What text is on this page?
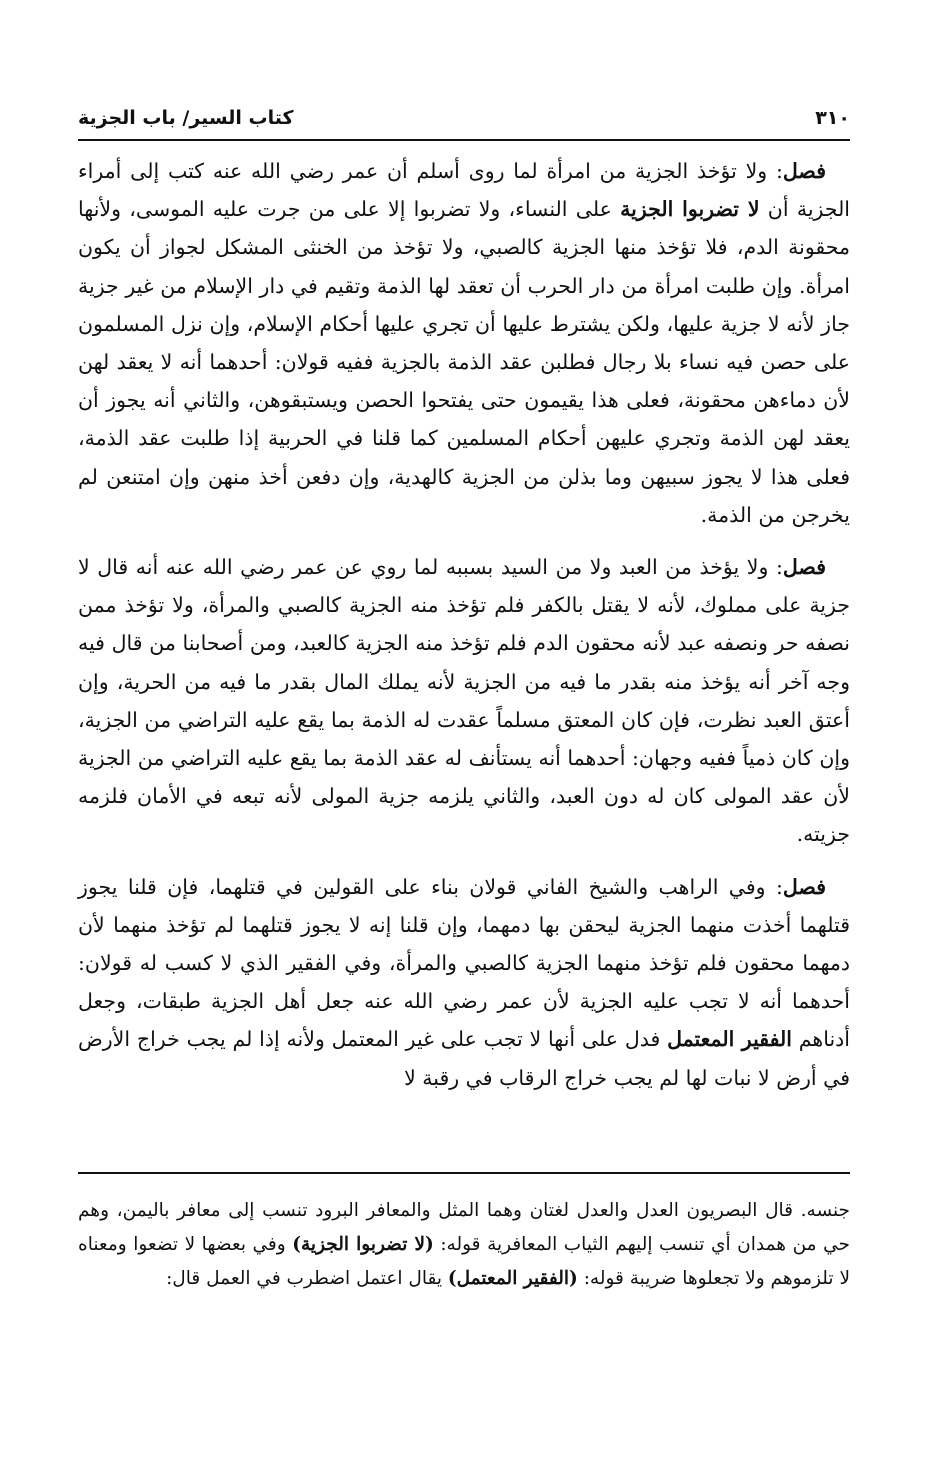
٣١٠
كتاب السير/ باب الجزية

فصل: ولا تؤخذ الجزية من امرأة لما روى أسلم أن عمر رضي الله عنه كتب إلى أمراء الجزية أن لا تضربوا الجزية على النساء، ولا تضربوا إلا على من جرت عليه الموسى، ولأنها محقونة الدم، فلا تؤخذ منها الجزية كالصبي، ولا تؤخذ من الخنثى المشكل لجواز أن يكون امرأة. وإن طلبت امرأة من دار الحرب أن تعقد لها الذمة وتقيم في دار الإسلام من غير جزية جاز لأنه لا جزية عليها، ولكن يشترط عليها أن تجري عليها أحكام الإسلام، وإن نزل المسلمون على حصن فيه نساء بلا رجال فطلبن عقد الذمة بالجزية ففيه قولان: أحدهما أنه لا يعقد لهن لأن دماءهن محقونة، فعلى هذا يقيمون حتى يفتحوا الحصن ويستبقوهن، والثاني أنه يجوز أن يعقد لهن الذمة وتجري عليهن أحكام المسلمين كما قلنا في الحربية إذا طلبت عقد الذمة، فعلى هذا لا يجوز سبيهن وما بذلن من الجزية كالهدية، وإن دفعن أخذ منهن وإن امتنعن لم يخرجن من الذمة.

فصل: ولا يؤخذ من العبد ولا من السيد بسببه لما روي عن عمر رضي الله عنه أنه قال لا جزية على مملوك، لأنه لا يقتل بالكفر فلم تؤخذ منه الجزية كالصبي والمرأة، ولا تؤخذ ممن نصفه حر ونصفه عبد لأنه محقون الدم فلم تؤخذ منه الجزية كالعبد، ومن أصحابنا من قال فيه وجه آخر أنه يؤخذ منه بقدر ما فيه من الجزية لأنه يملك المال بقدر ما فيه من الحرية، وإن أعتق العبد نظرت، فإن كان المعتق مسلماً عقدت له الذمة بما يقع عليه التراضي من الجزية، وإن كان ذمياً ففيه وجهان: أحدهما أنه يستأنف له عقد الذمة بما يقع عليه التراضي من الجزية لأن عقد المولى كان له دون العبد، والثاني يلزمه جزية المولى لأنه تبعه في الأمان فلزمه جزيته.

فصل: وفي الراهب والشيخ الفاني قولان بناء على القولين في قتلهما، فإن قلنا يجوز قتلهما أخذت منهما الجزية ليحقن بها دمهما، وإن قلنا إنه لا يجوز قتلهما لم تؤخذ منهما لأن دمهما محقون فلم تؤخذ منهما الجزية كالصبي والمرأة، وفي الفقير الذي لا كسب له قولان: أحدهما أنه لا تجب عليه الجزية لأن عمر رضي الله عنه جعل أهل الجزية طبقات، وجعل أدناهم الفقير المعتمل فدل على أنها لا تجب على غير المعتمل ولأنه إذا لم يجب خراج الأرض في أرض لا نبات لها لم يجب خراج الرقاب في رقبة لا

جنسه. قال البصريون العدل والعدل لغتان وهما المثل والمعافر البرود تنسب إلى معافر باليمن، وهم حي من همدان أي تنسب إليهم الثياب المعافرية قوله: (لا تضربوا الجزية) وفي بعضها لا تضعوا ومعناه لا تلزموهم ولا تجعلوها ضريبة قوله: (الفقير المعتمل) يقال اعتمل اضطرب في العمل قال:
